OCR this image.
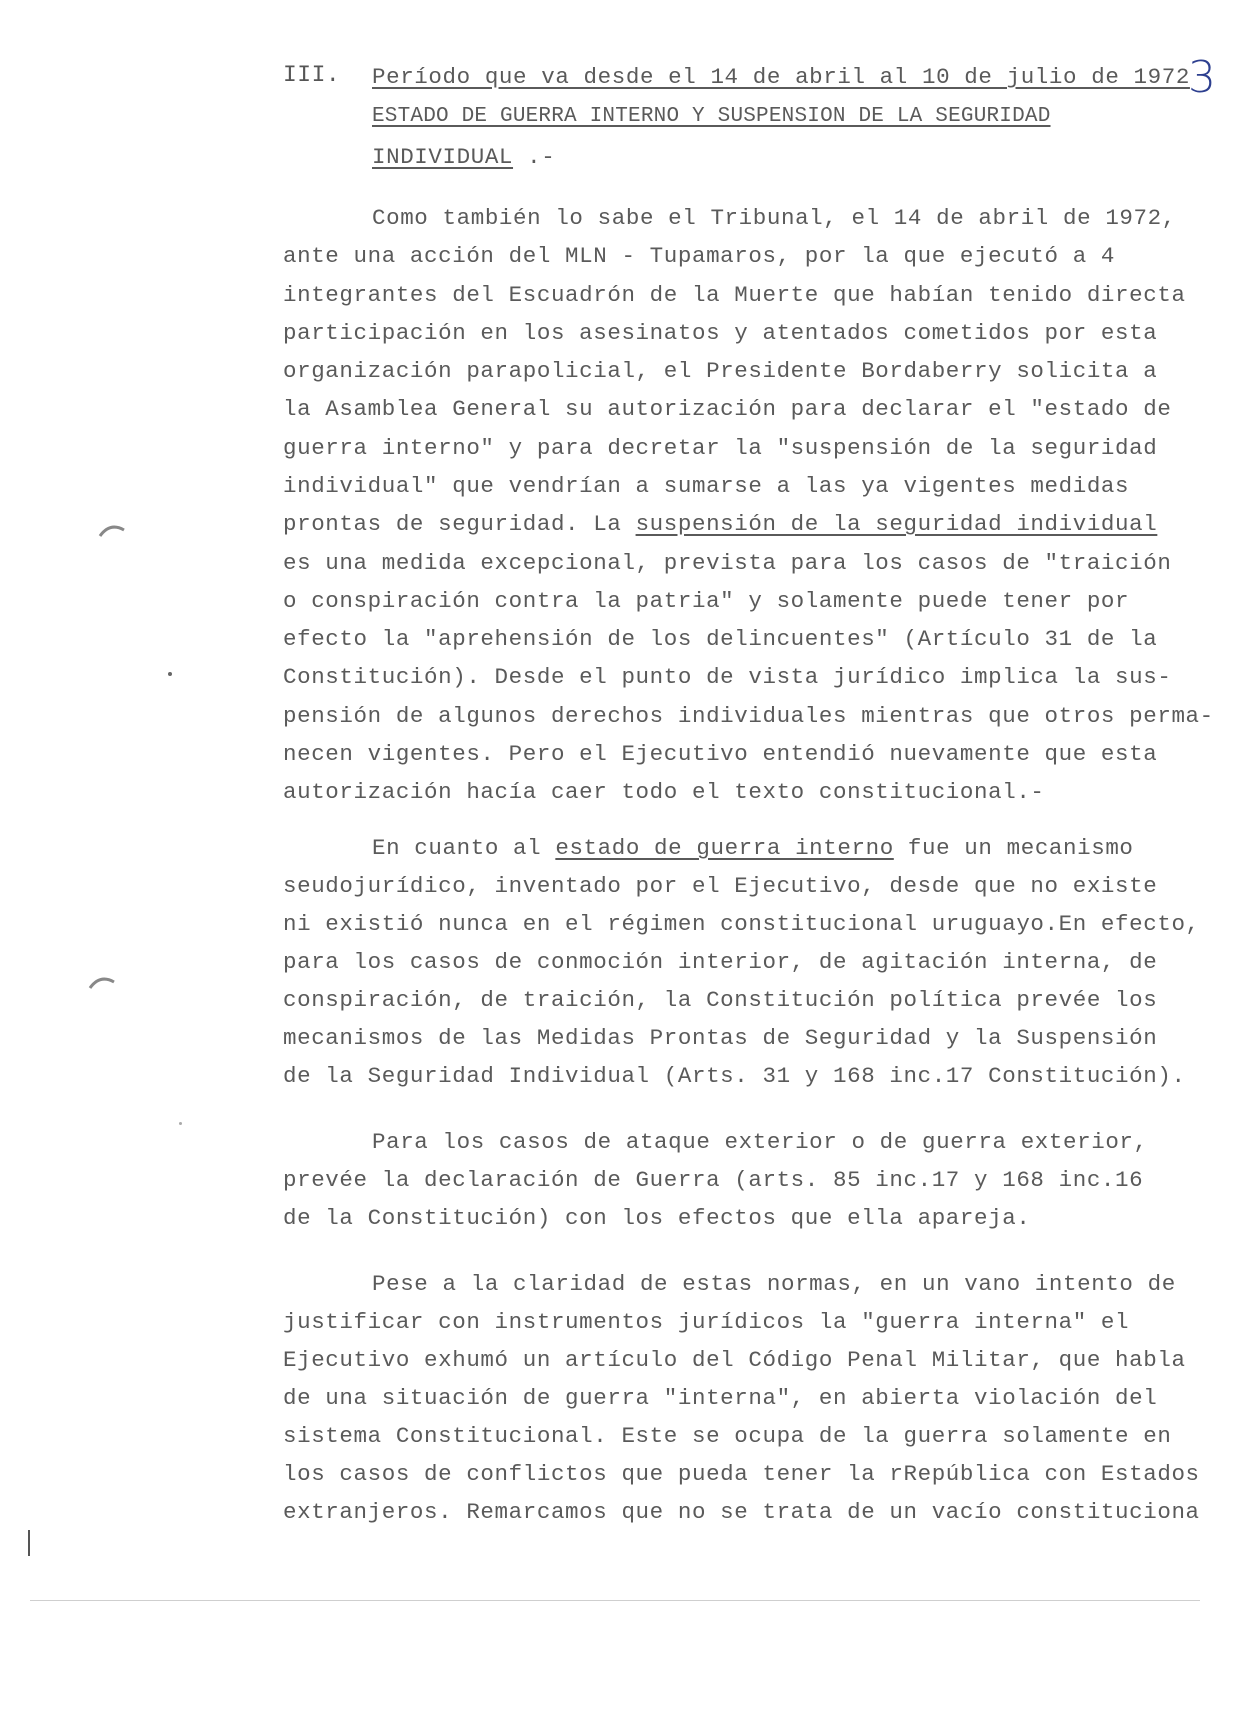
3
III. Período que va desde el 14 de abril al 10 de julio de 1972
ESTADO DE GUERRA INTERNO Y SUSPENSION DE LA SEGURIDAD
INDIVIDUAL .-
Como también lo sabe el Tribunal, el 14 de abril de 1972,
ante una acción del MLN - Tupamaros, por la que ejecutó a 4
integrantes del Escuadrón de la Muerte que habían tenido directa
participación en los asesinatos y atentados cometidos por esta
organización parapolicial, el Presidente Bordaberry solicita a
la Asamblea General su autorización para declarar el "estado de
guerra interno" y para decretar la "suspensión de la seguridad
individual" que vendrían a sumarse a las ya vigentes medidas
prontas de seguridad. La suspensión de la seguridad individual
es una medida excepcional, prevista para los casos de "traición
o conspiración contra la patria" y solamente puede tener por
efecto la "aprehensión de los delincuentes" (Artículo 31 de la
Constitución). Desde el punto de vista jurídico implica la sus-
pensión de algunos derechos individuales mientras que otros perma-
necen vigentes. Pero el Ejecutivo entendió nuevamente que esta
autorización hacía caer todo el texto constitucional.-
En cuanto al estado de guerra interno fue un mecanismo
seudojurídico, inventado por el Ejecutivo, desde que no existe
ni existió nunca en el régimen constitucional uruguayo.En efecto,
para los casos de conmoción interior, de agitación interna, de
conspiración, de traición, la Constitución política prevée los
mecanismos de las Medidas Prontas de Seguridad y la Suspensión
de la Seguridad Individual (Arts. 31 y 168 inc.17 Constitución).
Para los casos de ataque exterior o de guerra exterior,
prevée la declaración de Guerra (arts. 85 inc.17 y 168 inc.16
de la Constitución) con los efectos que ella apareja.
Pese a la claridad de estas normas, en un vano intento de
justificar con instrumentos jurídicos la "guerra interna" el
Ejecutivo exhumó un artículo del Código Penal Militar, que habla
de una situación de guerra "interna", en abierta violación del
sistema Constitucional. Este se ocupa de la guerra solamente en
los casos de conflictos que pueda tener la rRepública con Estados
extranjeros. Remarcamos que no se trata de un vacío constituciona
